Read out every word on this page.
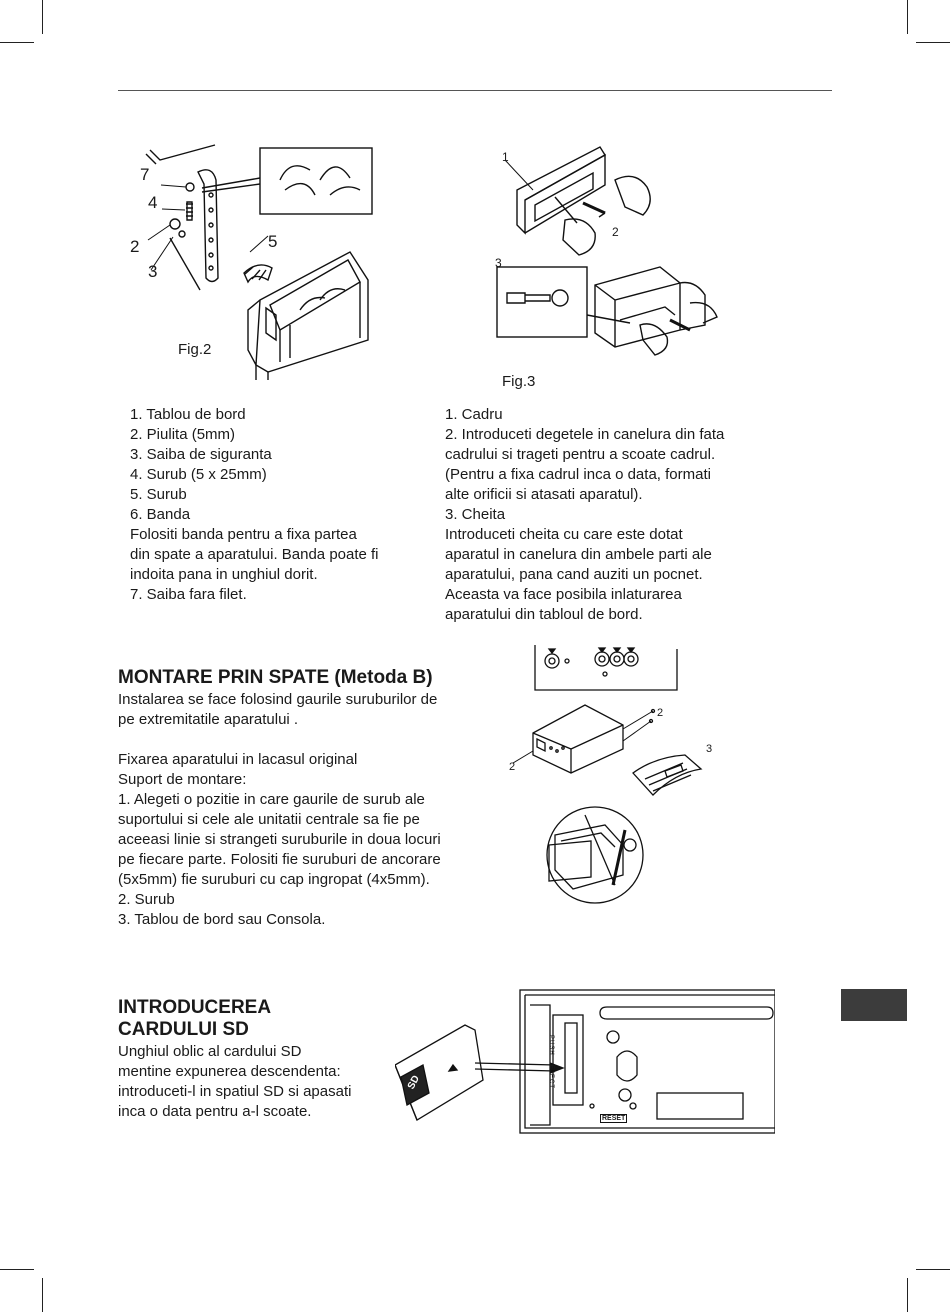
7
4
2
3
5
Fig.2
1
2
3
Fig.3
1. Tablou de bord
2. Piulita (5mm)
3. Saiba de siguranta
4. Surub (5 x 25mm)
5. Surub
6. Banda
Folositi banda pentru a fixa partea
din spate a aparatului. Banda poate fi
indoita pana in unghiul dorit.
7. Saiba fara filet.
1. Cadru
2. Introduceti degetele in canelura din fata
cadrului si trageti pentru a scoate cadrul.
(Pentru a fixa cadrul inca o data, formati
alte orificii si atasati aparatul).
3. Cheita
Introduceti cheita cu care este dotat
aparatul in canelura din ambele parti ale
aparatului, pana cand auziti un pocnet.
Aceasta va face posibila inlaturarea
aparatului din tabloul de bord.
MONTARE PRIN SPATE (Metoda B)
Instalarea se face folosind gaurile suruburilor de
pe extremitatile aparatului .
Fixarea aparatului in lacasul original
Suport de montare:
1. Alegeti o pozitie in care gaurile de surub ale
suportului si cele ale unitatii centrale sa fie pe
aceeasi linie si strangeti suruburile in doua locuri
pe fiecare parte. Folositi fie suruburi de ancorare
(5x5mm) fie suruburi cu cap ingropat (4x5mm).
2. Surub
3. Tablou de bord sau Consola.
2
2
3
INTRODUCEREA
CARDULUI SD
Unghiul oblic al cardului SD
mentine expunerea descendenta:
introduceti-l in spatiul SD si apasati
inca o data pentru a-l scoate.
PUSH
EJECT
RESET
SD
